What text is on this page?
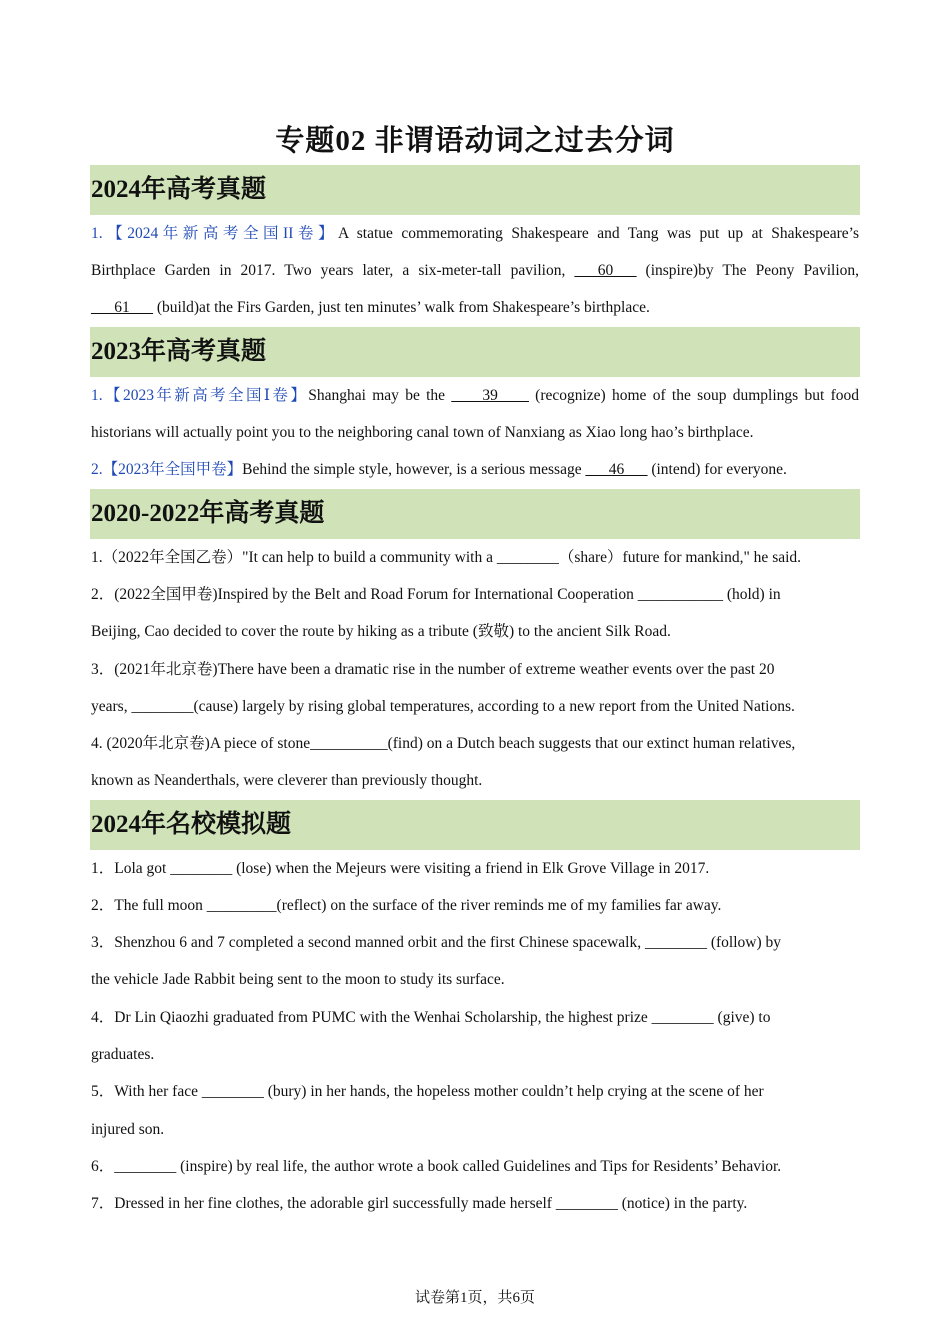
专题02 非谓语动词之过去分词
2024年高考真题
1.【2024年新高考全国II卷】A statue commemorating Shakespeare and Tang was put up at Shakespeare’s
Birthplace Garden in 2017. Two years later, a six-meter-tall pavilion, ___60___ (inspire)by The Peony Pavilion,
___61___ (build)at the Firs Garden, just ten minutes’ walk from Shakespeare’s birthplace.
2023年高考真题
1.【2023年新高考全国Ⅰ卷】Shanghai may be the ____39____ (recognize) home of the soup dumplings but food
historians will actually point you to the neighboring canal town of Nanxiang as Xiao long hao’s birthplace.
2.【2023年全国甲卷】Behind the simple style, however, is a serious message ___46___ (intend) for everyone.
2020-2022年高考真题
1.（2022年全国乙卷）"It can help to build a community with a ________（share）future for mankind," he said.
2．(2022全国甲卷)Inspired by the Belt and Road Forum for International Cooperation ___________ (hold) in
Beijing, Cao decided to cover the route by hiking as a tribute (致敬) to the ancient Silk Road.
3．(2021年北京卷)There have been a dramatic rise in the number of extreme weather events over the past 20
years, ________(cause) largely by rising global temperatures, according to a new report from the United Nations.
4. (2020年北京卷)A piece of stone__________(find) on a Dutch beach suggests that our extinct human relatives,
known as Neanderthals, were cleverer than previously thought.
2024年名校模拟题
1．Lola got ________ (lose) when the Mejeurs were visiting a friend in Elk Grove Village in 2017.
2．The full moon _________(reflect) on the surface of the river reminds me of my families far away.
3．Shenzhou 6 and 7 completed a second manned orbit and the first Chinese spacewalk, ________ (follow) by
the vehicle Jade Rabbit being sent to the moon to study its surface.
4．Dr Lin Qiaozhi graduated from PUMC with the Wenhai Scholarship, the highest prize ________ (give) to
graduates.
5．With her face ________ (bury) in her hands, the hopeless mother couldn’t help crying at the scene of her
injured son.
6．________ (inspire) by real life, the author wrote a book called Guidelines and Tips for Residents’ Behavior.
7．Dressed in her fine clothes, the adorable girl successfully made herself ________ (notice) in the party.
试卷第1页，共6页
